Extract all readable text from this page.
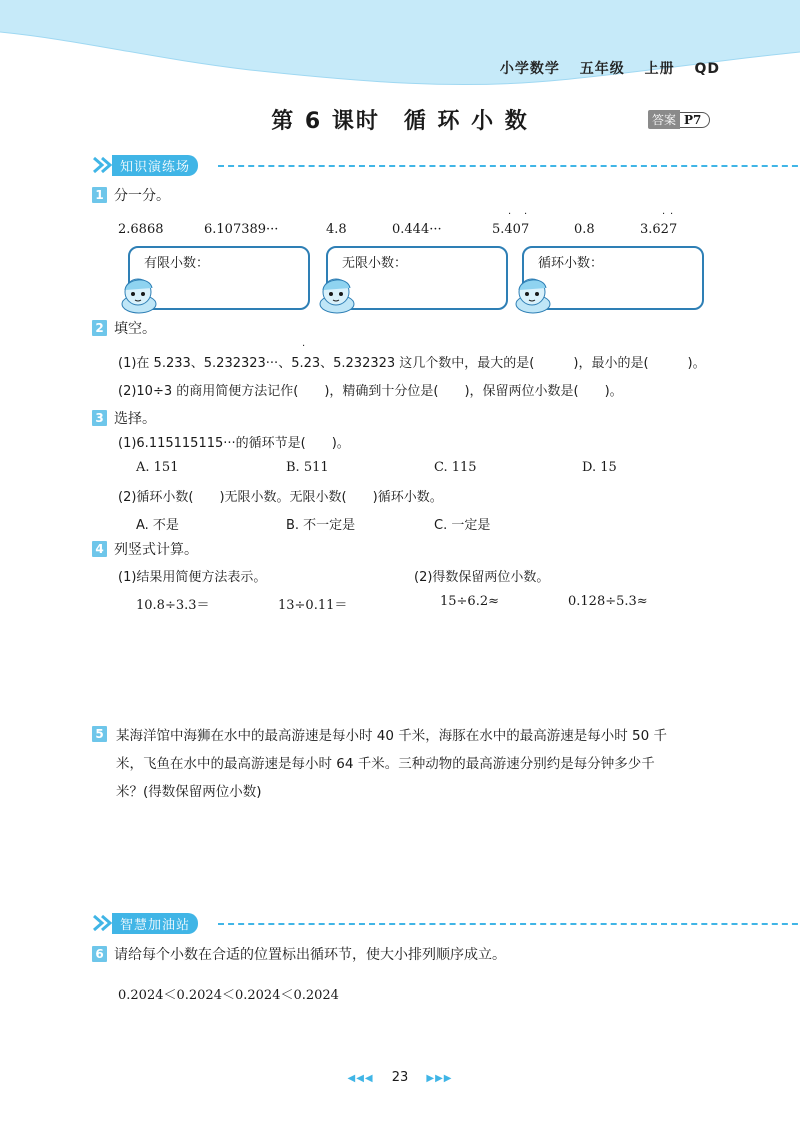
小学数学 五年级 上册 QD
第 6 课时　循 环 小 数	答案 P7
知识演练场
1 分一分。
2.6868	6.107389···	4.8	0.444···	5.407
· ·
0.8	3.627
· ·
有限小数：	无限小数：	循环小数：
2 填空。
·
(1)在 5.233、5.232323···、5.23、5.232323 这几个数中，最大的是(　　　)，最小的是(　　　)。
(2)10÷3 的商用简便方法记作(　　)，精确到十分位是(　　)，保留两位小数是(　　)。
3 选择。
(1)6.115115115···的循环节是(　　)。
A. 151	B. 511	C. 115	D. 15
(2)循环小数(　　)无限小数。无限小数(　　)循环小数。
A. 不是	B. 不一定是	C. 一定是
4 列竖式计算。
(1)结果用简便方法表示。	(2)得数保留两位小数。
10.8÷3.3＝	13÷0.11＝	15÷6.2≈	0.128÷5.3≈
5 某海洋馆中海狮在水中的最高游速是每小时 40 千米，海豚在水中的最高游速是每小时 50 千
米，飞鱼在水中的最高游速是每小时 64 千米。三种动物的最高游速分别约是每分钟多少千
米？(得数保留两位小数)
智慧加油站
6 请给每个小数在合适的位置标出循环节，使大小排列顺序成立。
0.2024＜0.2024＜0.2024＜0.2024
◀◀◀ 23 ▶▶▶
